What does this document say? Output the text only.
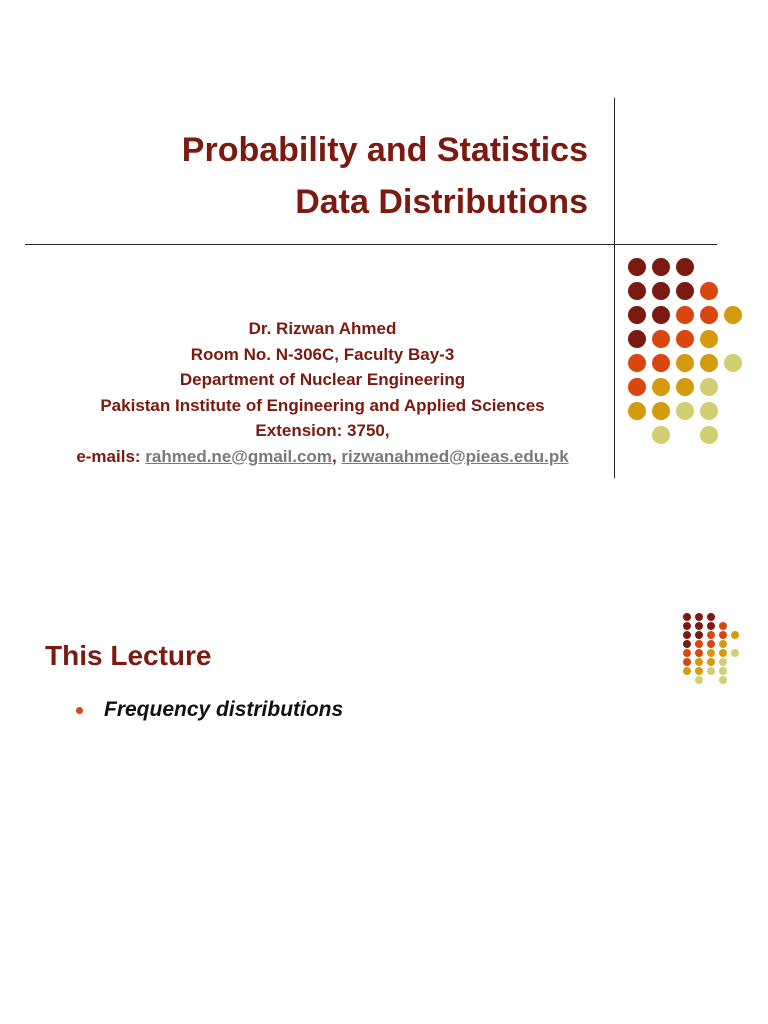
Probability and Statistics
Data Distributions
Dr. Rizwan Ahmed
Room No. N-306C, Faculty Bay-3
Department of Nuclear Engineering
Pakistan Institute of Engineering and Applied Sciences
Extension: 3750,
e-mails: rahmed.ne@gmail.com, rizwanahmed@pieas.edu.pk
This Lecture
Frequency distributions
